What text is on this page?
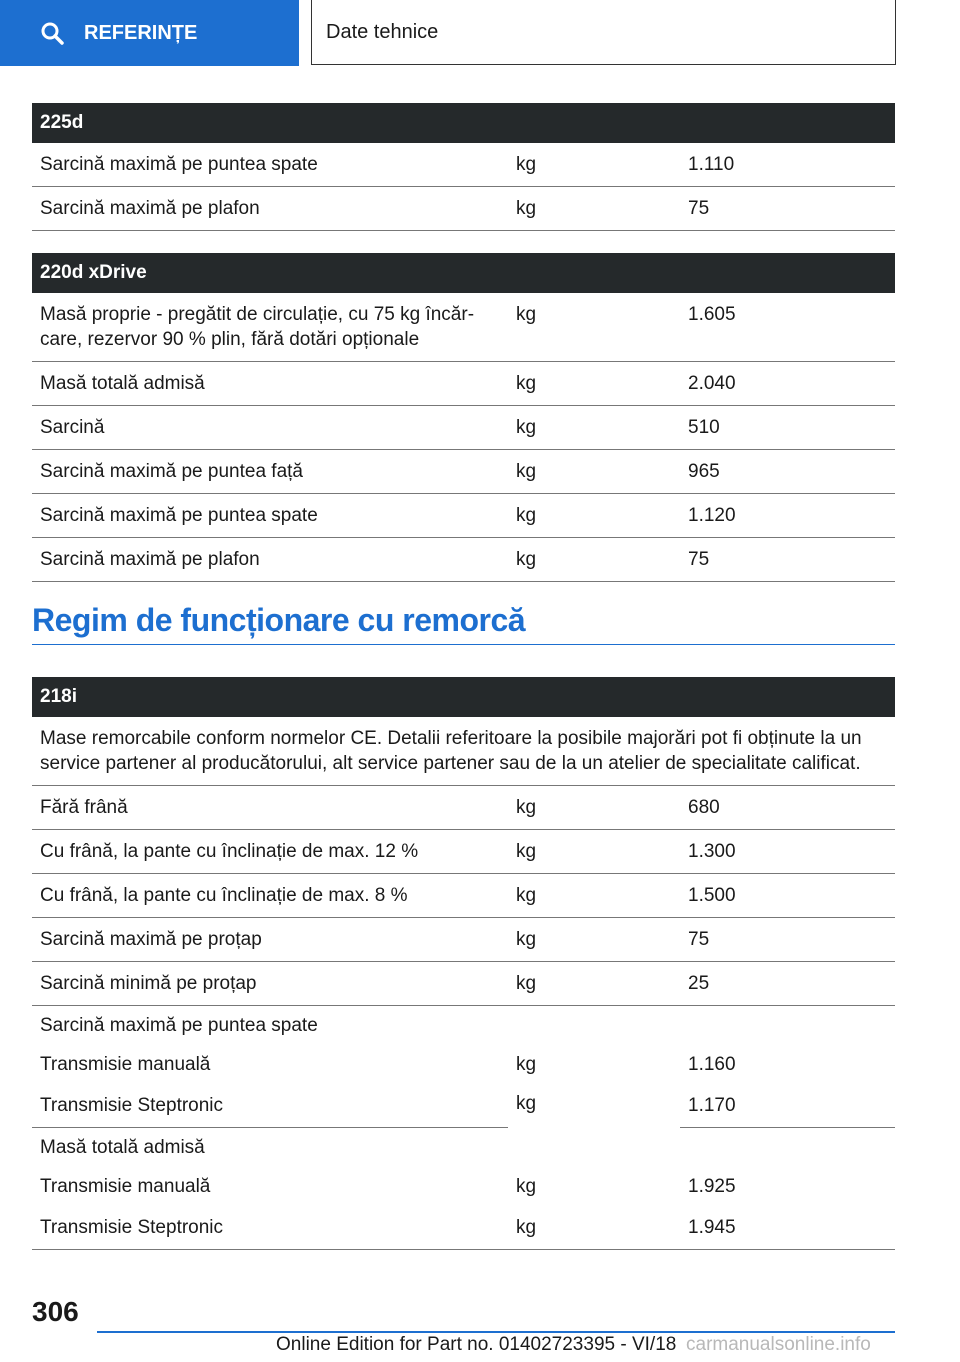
REFERINȚE	Date tehnice
225d		
Sarcină maximă pe puntea spate	kg	1.110
Sarcină maximă pe plafon	kg	75
220d xDrive		
Masă proprie - pregătit de circulație, cu 75 kg încăr-
care, rezervor 90 % plin, fără dotări opționale	kg	1.605
Masă totală admisă	kg	2.040
Sarcină	kg	510
Sarcină maximă pe puntea față	kg	965
Sarcină maximă pe puntea spate	kg	1.120
Sarcină maximă pe plafon	kg	75
Regim de funcționare cu remorcă
218i		
Mase remorcabile conform normelor CE. Detalii referitoare la posibile majorări pot fi obținute la un service partener al producătorului, alt service partener sau de la un atelier de specialitate calificat.		
Fără frână	kg	680
Cu frână, la pante cu înclinație de max. 12 %	kg	1.300
Cu frână, la pante cu înclinație de max. 8 %	kg	1.500
Sarcină maximă pe proțap	kg	75
Sarcină minimă pe proțap	kg	25
Sarcină maximă pe puntea spate		
Transmisie manuală	kg	1.160
Transmisie Steptronic	kg	1.170
Masă totală admisă		
Transmisie manuală	kg	1.925
Transmisie Steptronic	kg	1.945
306
Online Edition for Part no. 01402723395 - VI/18 carmanualsonline.info
